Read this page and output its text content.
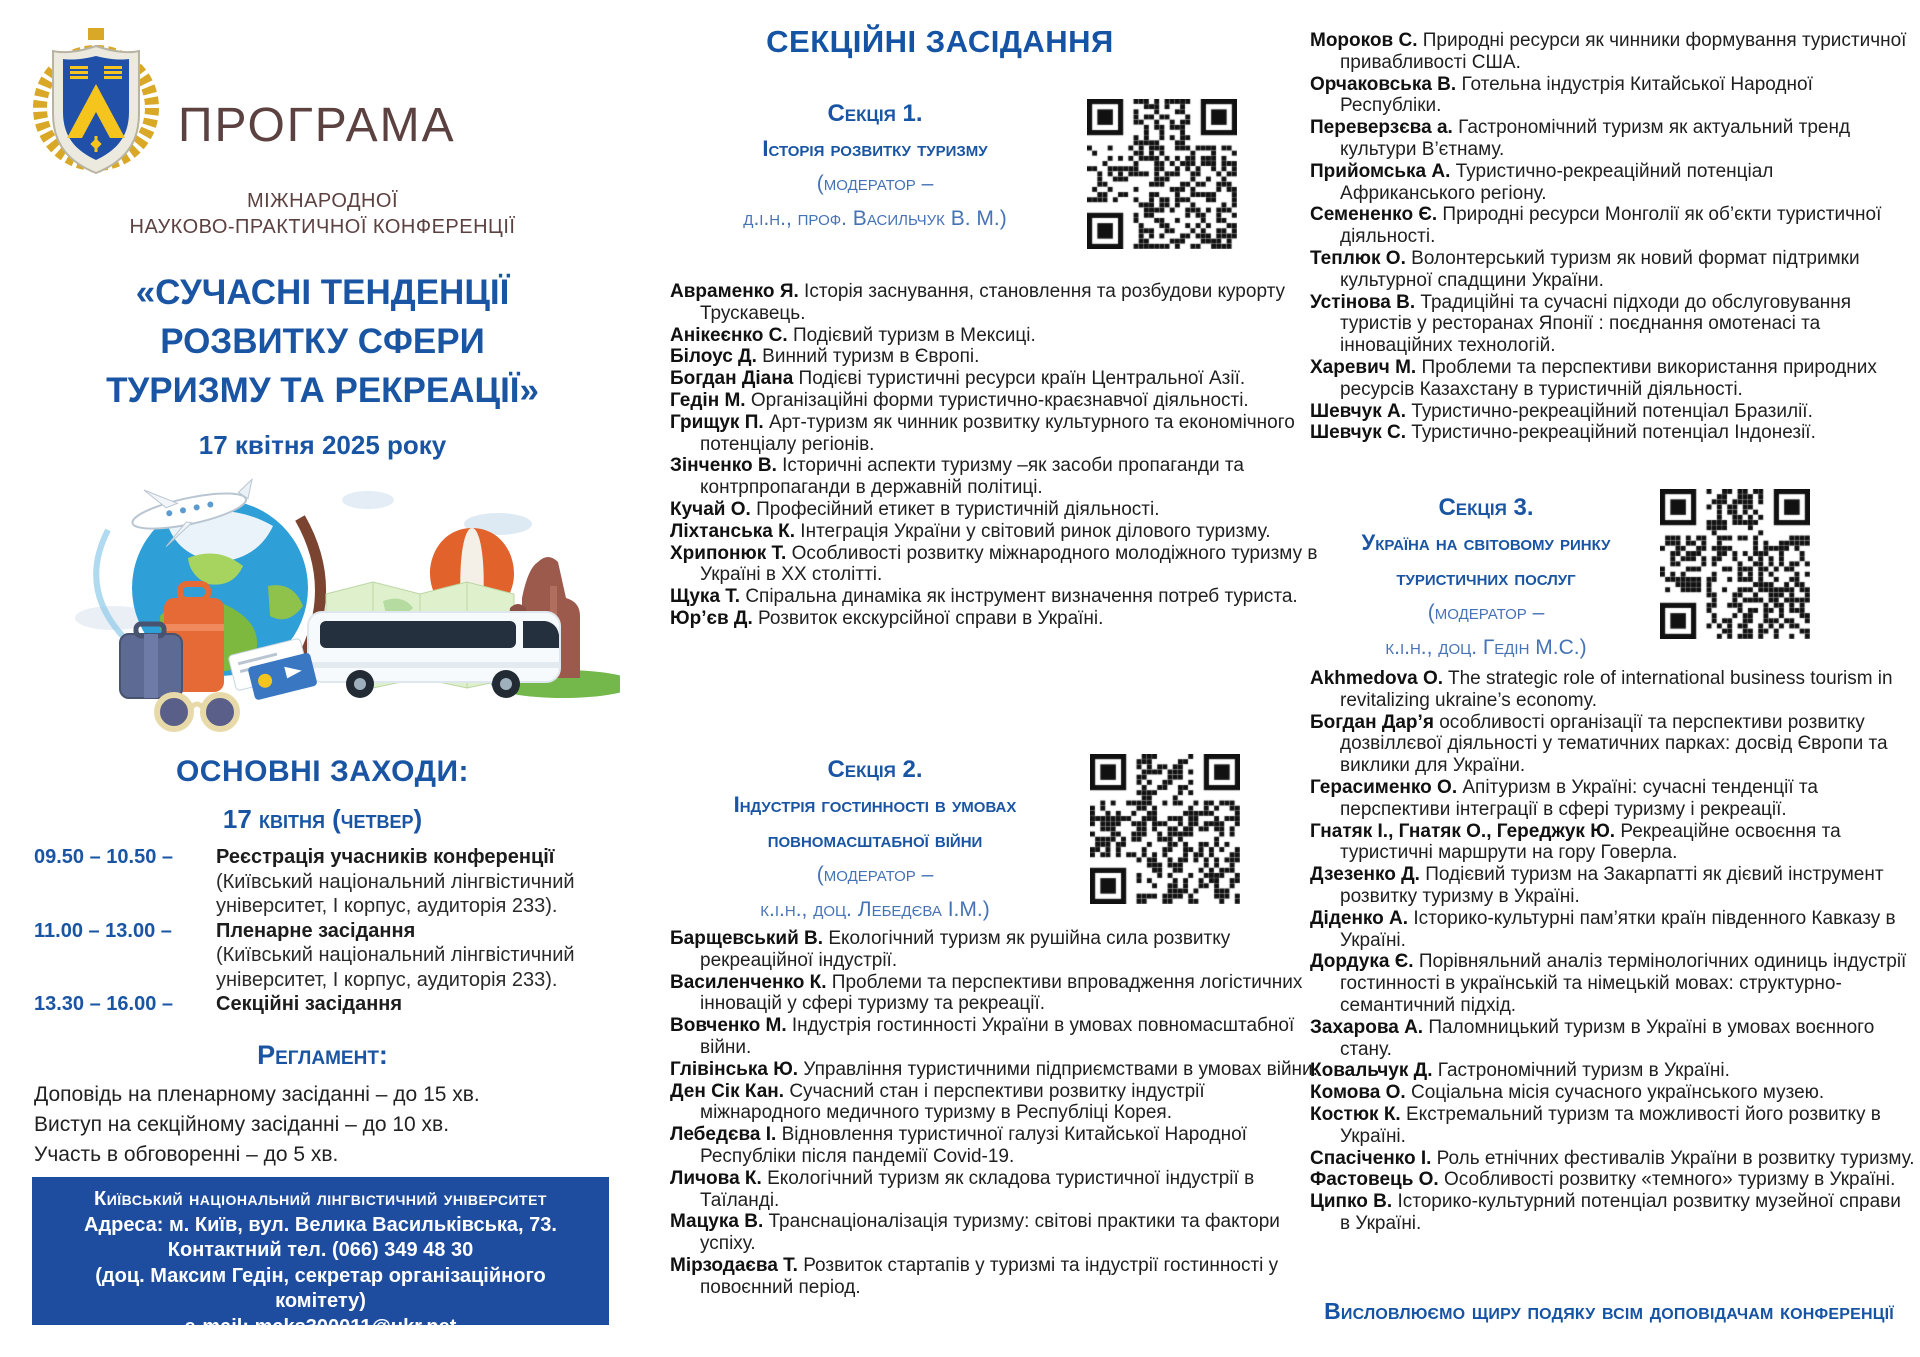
ПРОГРАМА
МІЖНАРОДНОЇ
НАУКОВО-ПРАКТИЧНОЇ КОНФЕРЕНЦІЇ
«СУЧАСНІ ТЕНДЕНЦІЇ
РОЗВИТКУ СФЕРИ
ТУРИЗМУ ТА РЕКРЕАЦІЇ»
17 квітня 2025 року
ОСНОВНІ ЗАХОДИ:
17 квітня (четвер)
09.50 – 10.50 –	Реєстрація учасників конференції
(Київський національний лінгвістичний університет, І корпус, аудиторія 233).
11.00 – 13.00 –	Пленарне засідання
(Київський національний лінгвістичний університет, І корпус, аудиторія 233).
13.30 – 16.00 –	Секційні засідання
Регламент:
Доповідь на пленарному засіданні – до 15 хв.
Виступ на секційному засіданні – до 10 хв.
Участь в обговоренні – до 5 хв.
Київський національний лінгвістичний університет
Адреса: м. Київ, вул. Велика Васильківська, 73.
Контактний тел. (066) 349 48 30
(доц. Максим Гедін, секретар організаційного комітету)
e-mail: maks300011@ukr.net
СЕКЦІЙНІ ЗАСІДАННЯ
Секція 1.
Історія розвитку туризму
(модератор –
д.і.н., проф. Васильчук В. М.)
Авраменко Я. Історія заснування, становлення та розбудови курорту Трускавець.
Анікеєнко С. Подієвий туризм в Мексиці.
Білоус Д. Винний туризм в Європі.
Богдан Діана Подієві туристичні ресурси країн Центральної Азії.
Гедін М. Організаційні форми туристично-краєзнавчої діяльності.
Грищук П. Арт-туризм як чинник розвитку культурного та економічного потенціалу регіонів.
Зінченко В. Історичні аспекти туризму –як засоби пропаганди та контрпропаганди в державній політиці.
Кучай О. Професійний етикет в туристичній діяльності.
Ліхтанська К. Інтеграція України у світовий ринок ділового туризму.
Хрипонюк Т. Особливості розвитку міжнародного молодіжного туризму в Україні в ХХ столітті.
Щука Т. Спіральна динаміка як інструмент визначення потреб туриста.
Юр’єв Д. Розвиток екскурсійної справи в Україні.
Секція 2.
Індустрія гостинності в умовах повномасштабної війни
(модератор –
к.і.н., доц. Лебедєва І.М.)
Барщевський В. Екологічний туризм як рушійна сила розвитку рекреаційної індустрії.
Василенченко К. Проблеми та перспективи впровадження логістичних інновацій у сфері туризму та рекреації.
Вовченко М. Індустрія гостинності України в умовах повномасштабної війни.
Глівінська Ю. Управління туристичними підприємствами в умовах війни.
Ден Сік Кан. Сучасний стан і перспективи розвитку індустрії міжнародного медичного туризму в Республіці Корея.
Лебедєва І. Відновлення туристичної галузі Китайської Народної Республіки після пандемії Covid-19.
Личова К. Екологічний туризм як складова туристичної індустрії в Таїланді.
Мацука В. Транснаціоналізація туризму: світові практики та фактори успіху.
Мірзодаєва Т. Розвиток стартапів у туризмі та індустрії гостинності у повоєнний період.
Мороков С. Природні ресурси як чинники формування туристичної привабливості США.
Орчаковська В. Готельна індустрія Китайської Народної Республіки.
Переверзєва а. Гастрономічний туризм як актуальний тренд культури В’єтнаму.
Прийомська А. Туристично-рекреаційний потенціал Африканського регіону.
Семененко Є. Природні ресурси Монголії як об’єкти туристичної діяльності.
Теплюк О. Волонтерський туризм як новий формат підтримки культурної спадщини України.
Устінова В. Традиційні та сучасні підходи до обслуговування туристів у ресторанах Японії : поєднання омотенасі та інноваційних технологій.
Харевич М. Проблеми та перспективи використання природних ресурсів Казахстану в туристичній діяльності.
Шевчук А. Туристично-рекреаційний потенціал Бразилії.
Шевчук С. Туристично-рекреаційний потенціал Індонезії.
Секція 3.
Україна на світовому ринку туристичних послуг
(модератор –
к.і.н., доц. Гедін М.С.)
Akhmedova O. The strategic role of international business tourism in revitalizing ukraine’s economy.
Богдан Дар’я особливості організації та перспективи розвитку дозвіллєвої діяльності у тематичних парках: досвід Європи та виклики для України.
Герасименко О. Апітуризм в Україні: сучасні тенденції та перспективи інтеграції в сфері туризму і рекреації.
Гнатяк І., Гнатяк О., Гереджук Ю. Рекреаційне освоєння та туристичні маршрути на гору Говерла.
Дзезенко Д. Подієвий туризм на Закарпатті як дієвий інструмент розвитку туризму в Україні.
Діденко А. Історико-культурні пам’ятки країн південного Кавказу в Україні.
Дордука Є. Порівняльний аналіз термінологічних одиниць індустрії гостинності в українській та німецькій мовах: структурно-семантичний підхід.
Захарова А. Паломницький туризм в Україні в умовах воєнного стану.
Ковальчук Д. Гастрономічний туризм в Україні.
Комова О. Соціальна місія сучасного українського музею.
Костюк К. Екстремальний туризм та можливості його розвитку в Україні.
Спасіченко І. Роль етнічних фестивалів України в розвитку туризму.
Фастовець О. Особливості розвитку «темного» туризму в Україні.
Ципко В. Історико-культурний потенціал розвитку музейної справи в Україні.
Висловлюємо щиру подяку всім доповідачам конференції
